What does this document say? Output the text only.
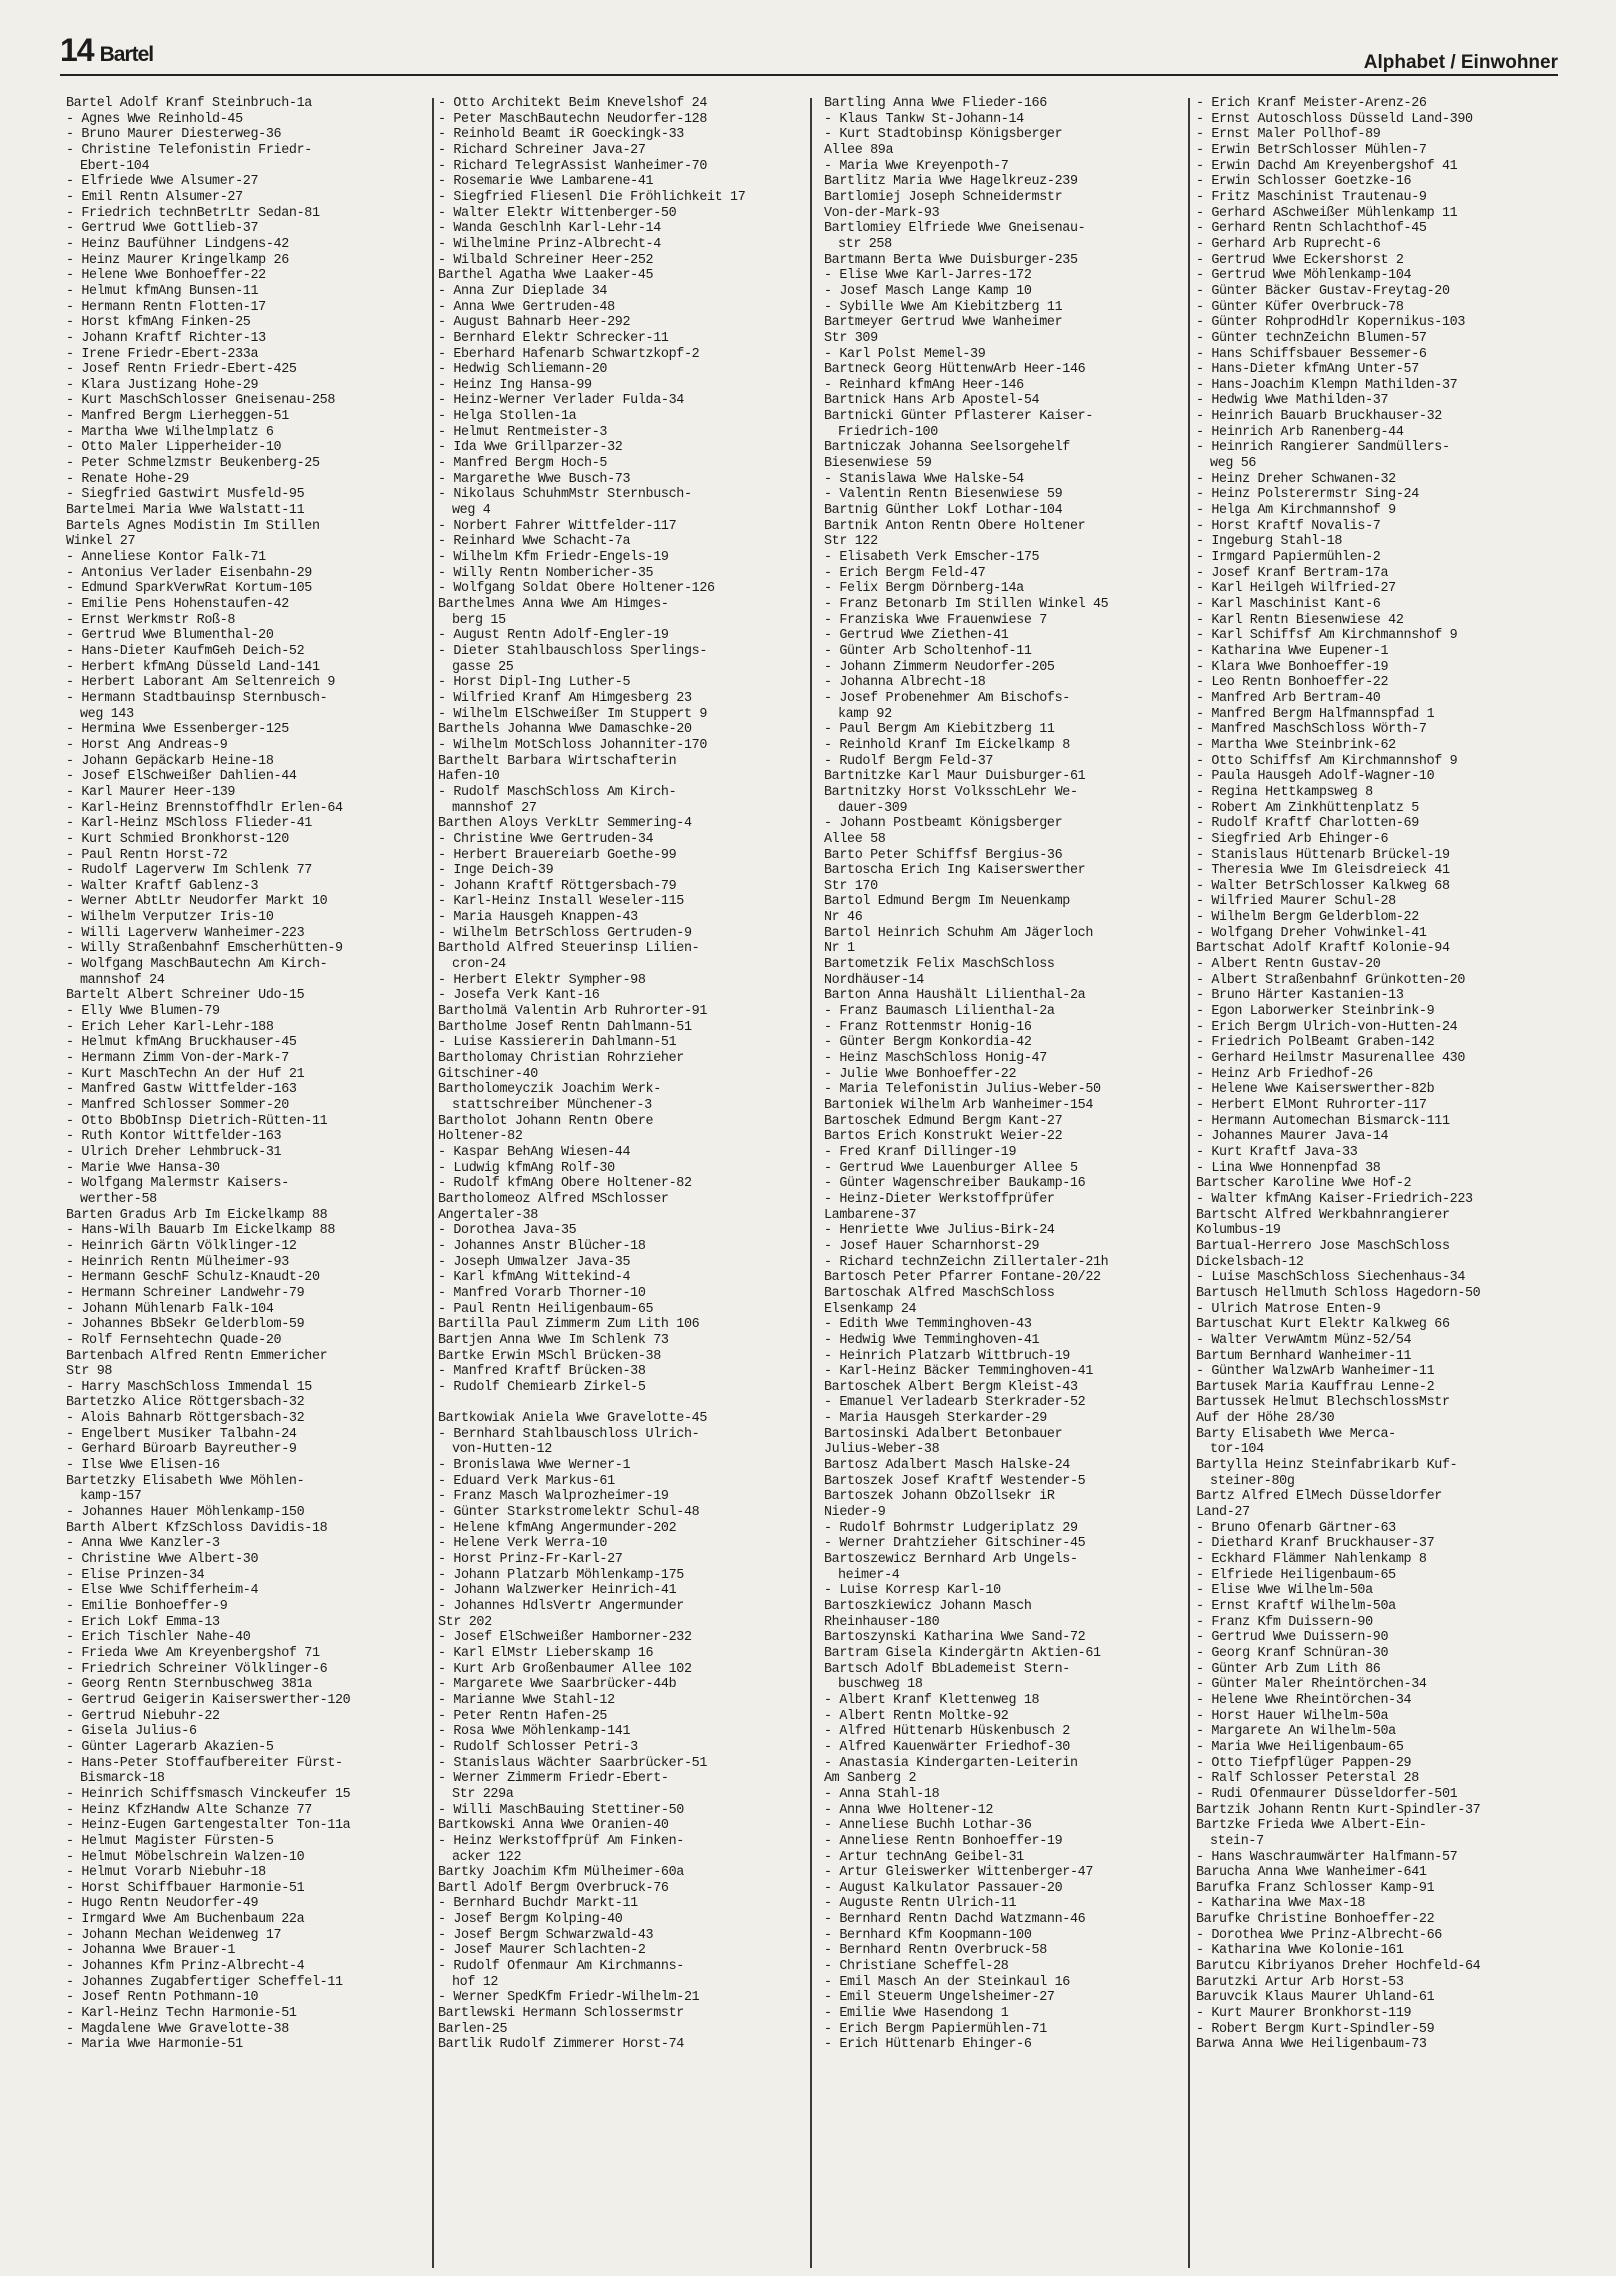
14 Bartel	Alphabet / Einwohner
Bartel Adolf Kranf Steinbruch-1a
- Agnes Wwe Reinhold-45
- Bruno Maurer Diesterweg-36
- Christine Telefonistin Friedr-
Ebert-104
- Elfriede Wwe Alsumer-27
- Emil Rentn Alsumer-27
- Friedrich technBetrLtr Sedan-81
- Gertrud Wwe Gottlieb-37
- Heinz Baufühner Lindgens-42
- Heinz Maurer Kringelkamp 26
- Helene Wwe Bonhoeffer-22
- Helmut kfmAng Bunsen-11
- Hermann Rentn Flotten-17
- Horst kfmAng Finken-25
- Johann Kraftf Richter-13
- Irene Friedr-Ebert-233a
- Josef Rentn Friedr-Ebert-425
- Klara Justizang Hohe-29
- Kurt MaschSchlosser Gneisenau-258
- Manfred Bergm Lierheggen-51
- Martha Wwe Wilhelmplatz 6
- Otto Maler Lipperheider-10
- Peter Schmelzmstr Beukenberg-25
- Renate Hohe-29
- Siegfried Gastwirt Musfeld-95
Bartelmei Maria Wwe Walstatt-11
Bartels Agnes Modistin Im Stillen
Winkel 27
- Anneliese Kontor Falk-71
- Antonius Verlader Eisenbahn-29
- Edmund SparkVerwRat Kortum-105
- Emilie Pens Hohenstaufen-42
- Ernst Werkmstr Roß-8
- Gertrud Wwe Blumenthal-20
- Hans-Dieter KaufmGeh Deich-52
- Herbert kfmAng Düsseld Land-141
- Herbert Laborant Am Seltenreich 9
- Hermann Stadtbauinsp Sternbusch-
weg 143
- Hermina Wwe Essenberger-125
- Horst Ang Andreas-9
- Johann Gepäckarb Heine-18
- Josef ElSchweißer Dahlien-44
- Karl Maurer Heer-139
- Karl-Heinz Brennstoffhdlr Erlen-64
- Karl-Heinz MSchloss Flieder-41
- Kurt Schmied Bronkhorst-120
- Paul Rentn Horst-72
- Rudolf Lagerverw Im Schlenk 77
- Walter Kraftf Gablenz-3
- Werner AbtLtr Neudorfer Markt 10
- Wilhelm Verputzer Iris-10
- Willi Lagerverw Wanheimer-223
- Willy Straßenbahnf Emscherhütten-9
- Wolfgang MaschBautechn Am Kirch-
mannshof 24
Bartelt Albert Schreiner Udo-15
- Elly Wwe Blumen-79
- Erich Leher Karl-Lehr-188
- Helmut kfmAng Bruckhauser-45
- Hermann Zimm Von-der-Mark-7
- Kurt MaschTechn An der Huf 21
- Manfred Gastw Wittfelder-163
- Manfred Schlosser Sommer-20
- Otto BbObInsp Dietrich-Rütten-11
- Ruth Kontor Wittfelder-163
- Ulrich Dreher Lehmbruck-31
- Marie Wwe Hansa-30
- Wolfgang Malermstr Kaisers-
werther-58
Barten Gradus Arb Im Eickelkamp 88
- Hans-Wilh Bauarb Im Eickelkamp 88
- Heinrich Gärtn Völklinger-12
- Heinrich Rentn Mülheimer-93
- Hermann GeschF Schulz-Knaudt-20
- Hermann Schreiner Landwehr-79
- Johann Mühlenarb Falk-104
- Johannes BbSekr Gelderblom-59
- Rolf Fernsehtechn Quade-20
Bartenbach Alfred Rentn Emmericher
Str 98
- Harry MaschSchloss Immendal 15
Bartetzko Alice Röttgersbach-32
- Alois Bahnarb Röttgersbach-32
- Engelbert Musiker Talbahn-24
- Gerhard Büroarb Bayreuther-9
- Ilse Wwe Elisen-16
Bartetzky Elisabeth Wwe Möhlen-
kamp-157
- Johannes Hauer Möhlenkamp-150
Barth Albert KfzSchloss Davidis-18
- Anna Wwe Kanzler-3
- Christine Wwe Albert-30
- Elise Prinzen-34
- Else Wwe Schifferheim-4
- Emilie Bonhoeffer-9
- Erich Lokf Emma-13
- Erich Tischler Nahe-40
- Frieda Wwe Am Kreyenbergshof 71
- Friedrich Schreiner Völklinger-6
- Georg Rentn Sternbuschweg 381a
- Gertrud Geigerin Kaiserswerther-120
- Gertrud Niebuhr-22
- Gisela Julius-6
- Günter Lagerarb Akazien-5
- Hans-Peter Stoffaufbereiter Fürst-
Bismarck-18
- Heinrich Schiffsmasch Vinckeufer 15
- Heinz KfzHandw Alte Schanze 77
- Heinz-Eugen Gartengestalter Ton-11a
- Helmut Magister Fürsten-5
- Helmut Möbelschrein Walzen-10
- Helmut Vorarb Niebuhr-18
- Horst Schiffbauer Harmonie-51
- Hugo Rentn Neudorfer-49
- Irmgard Wwe Am Buchenbaum 22a
- Johann Mechan Weidenweg 17
- Johanna Wwe Brauer-1
- Johannes Kfm Prinz-Albrecht-4
- Johannes Zugabfertiger Scheffel-11
- Josef Rentn Pothmann-10
- Karl-Heinz Techn Harmonie-51
- Magdalene Wwe Gravelotte-38
- Maria Wwe Harmonie-51
- Otto Architekt Beim Knevelshof 24
- Peter MaschBautechn Neudorfer-128
- Reinhold Beamt iR Goeckingk-33
- Richard Schreiner Java-27
- Richard TelegrAssist Wanheimer-70
- Rosemarie Wwe Lambarene-41
- Siegfried Fliesenl Die Fröhlichkeit 17
- Walter Elektr Wittenberger-50
- Wanda Geschlnh Karl-Lehr-14
- Wilhelmine Prinz-Albrecht-4
- Wilbald Schreiner Heer-252
Barthel Agatha Wwe Laaker-45
- Anna Zur Dieplade 34
- Anna Wwe Gertruden-48
- August Bahnarb Heer-292
- Bernhard Elektr Schrecker-11
- Eberhard Hafenarb Schwartzkopf-2
- Hedwig Schliemann-20
- Heinz Ing Hansa-99
- Heinz-Werner Verlader Fulda-34
- Helga Stollen-1a
- Helmut Rentmeister-3
- Ida Wwe Grillparzer-32
- Manfred Bergm Hoch-5
- Margarethe Wwe Busch-73
- Nikolaus SchuhmMstr Sternbusch-
weg 4
- Norbert Fahrer Wittfelder-117
- Reinhard Wwe Schacht-7a
- Wilhelm Kfm Friedr-Engels-19
- Willy Rentn Nombericher-35
- Wolfgang Soldat Obere Holtener-126
Barthelmes Anna Wwe Am Himges-
berg 15
- August Rentn Adolf-Engler-19
- Dieter Stahlbauschloss Sperlings-
gasse 25
- Horst Dipl-Ing Luther-5
- Wilfried Kranf Am Himgesberg 23
- Wilhelm ElSchweißer Im Stuppert 9
Barthels Johanna Wwe Damaschke-20
- Wilhelm MotSchloss Johanniter-170
Barthelt Barbara Wirtschafterin
Hafen-10
- Rudolf MaschSchloss Am Kirch-
mannshof 27
Barthen Aloys VerkLtr Semmering-4
- Christine Wwe Gertruden-34
- Herbert Brauereiarb Goethe-99
- Inge Deich-39
- Johann Kraftf Röttgersbach-79
- Karl-Heinz Install Weseler-115
- Maria Hausgeh Knappen-43
- Wilhelm BetrSchloss Gertruden-9
Barthold Alfred Steuerinsp Lilien-
cron-24
- Herbert Elektr Sympher-98
- Josefa Verk Kant-16
Bartholmä Valentin Arb Ruhrorter-91
Bartholme Josef Rentn Dahlmann-51
- Luise Kassiererin Dahlmann-51
Bartholomay Christian Rohrzieher
Gitschiner-40
Bartholomeyczik Joachim Werk-
stattschreiber Münchener-3
Bartholot Johann Rentn Obere
Holtener-82
- Kaspar BehAng Wiesen-44
- Ludwig kfmAng Rolf-30
- Rudolf kfmAng Obere Holtener-82
Bartholomeoz Alfred MSchlosser
Angertaler-38
- Dorothea Java-35
- Johannes Anstr Blücher-18
- Joseph Umwalzer Java-35
- Karl kfmAng Wittekind-4
- Manfred Vorarb Thorner-10
- Paul Rentn Heiligenbaum-65
Bartilla Paul Zimmerm Zum Lith 106
Bartjen Anna Wwe Im Schlenk 73
Bartke Erwin MSchl Brücken-38
- Manfred Kraftf Brücken-38
- Rudolf Chemiearb Zirkel-5

Bartkowiak Aniela Wwe Gravelotte-45
- Bernhard Stahlbauschloss Ulrich-
von-Hutten-12
- Bronislawa Wwe Werner-1
- Eduard Verk Markus-61
- Franz Masch Walprozheimer-19
- Günter Starkstromelektr Schul-48
- Helene kfmAng Angermunder-202
- Helene Verk Werra-10
- Horst Prinz-Fr-Karl-27
- Johann Platzarb Möhlenkamp-175
- Johann Walzwerker Heinrich-41
- Johannes HdlsVertr Angermunder
Str 202
- Josef ElSchweißer Hamborner-232
- Karl ElMstr Lieberskamp 16
- Kurt Arb Großenbaumer Allee 102
- Margarete Wwe Saarbrücker-44b
- Marianne Wwe Stahl-12
- Peter Rentn Hafen-25
- Rosa Wwe Möhlenkamp-141
- Rudolf Schlosser Petri-3
- Stanislaus Wächter Saarbrücker-51
- Werner Zimmerm Friedr-Ebert-
Str 229a
- Willi MaschBauing Stettiner-50
Bartkowski Anna Wwe Oranien-40
- Heinz Werkstoffprüf Am Finken-
acker 122
Bartky Joachim Kfm Mülheimer-60a
Bartl Adolf Bergm Overbruck-76
- Bernhard Buchdr Markt-11
- Josef Bergm Kolping-40
- Josef Bergm Schwarzwald-43
- Josef Maurer Schlachten-2
- Rudolf Ofenmaur Am Kirchmanns-
hof 12
- Werner SpedKfm Friedr-Wilhelm-21
Bartlewski Hermann Schlossermstr
Barlen-25
Bartlik Rudolf Zimmerer Horst-74
Bartling Anna Wwe Flieder-166
- Klaus Tankw St-Johann-14
- Kurt Stadtobinsp Königsberger
Allee 89a
- Maria Wwe Kreyenpoth-7
Bartlitz Maria Wwe Hagelkreuz-239
Bartlomiej Joseph Schneidermstr
Von-der-Mark-93
Bartlomiey Elfriede Wwe Gneisenau-
str 258
Bartmann Berta Wwe Duisburger-235
- Elise Wwe Karl-Jarres-172
- Josef Masch Lange Kamp 10
- Sybille Wwe Am Kiebitzberg 11
Bartmeyer Gertrud Wwe Wanheimer
Str 309
- Karl Polst Memel-39
Bartneck Georg HüttenwArb Heer-146
- Reinhard kfmAng Heer-146
Bartnick Hans Arb Apostel-54
Bartnicki Günter Pflasterer Kaiser-
Friedrich-100
Bartniczak Johanna Seelsorgehelf
Biesenwiese 59
- Stanislawa Wwe Halske-54
- Valentin Rentn Biesenwiese 59
Bartnig Günther Lokf Lothar-104
Bartnik Anton Rentn Obere Holtener
Str 122
- Elisabeth Verk Emscher-175
- Erich Bergm Feld-47
- Felix Bergm Dörnberg-14a
- Franz Betonarb Im Stillen Winkel 45
- Franziska Wwe Frauenwiese 7
- Gertrud Wwe Ziethen-41
- Günter Arb Scholtenhof-11
- Johann Zimmerm Neudorfer-205
- Johanna Albrecht-18
- Josef Probenehmer Am Bischofs-
kamp 92
- Paul Bergm Am Kiebitzberg 11
- Reinhold Kranf Im Eickelkamp 8
- Rudolf Bergm Feld-37
Bartnitzke Karl Maur Duisburger-61
Bartnitzky Horst VolksschLehr We-
dauer-309
- Johann Postbeamt Königsberger
Allee 58
Barto Peter Schiffsf Bergius-36
Bartoscha Erich Ing Kaiserswerther
Str 170
Bartol Edmund Bergm Im Neuenkamp
Nr 46
Bartol Heinrich Schuhm Am Jägerloch
Nr 1
Bartometzik Felix MaschSchloss
Nordhäuser-14
Barton Anna Haushält Lilienthal-2a
- Franz Baumasch Lilienthal-2a
- Franz Rottenmstr Honig-16
- Günter Bergm Konkordia-42
- Heinz MaschSchloss Honig-47
- Julie Wwe Bonhoeffer-22
- Maria Telefonistin Julius-Weber-50
Bartoniek Wilhelm Arb Wanheimer-154
Bartoschek Edmund Bergm Kant-27
Bartos Erich Konstrukt Weier-22
- Fred Kranf Dillinger-19
- Gertrud Wwe Lauenburger Allee 5
- Günter Wagenschreiber Baukamp-16
- Heinz-Dieter Werkstoffprüfer
Lambarene-37
- Henriette Wwe Julius-Birk-24
- Josef Hauer Scharnhorst-29
- Richard technZeichn Zillertaler-21h
Bartosch Peter Pfarrer Fontane-20/22
Bartoschak Alfred MaschSchloss
Elsenkamp 24
- Edith Wwe Temminghoven-43
- Hedwig Wwe Temminghoven-41
- Heinrich Platzarb Wittbruch-19
- Karl-Heinz Bäcker Temminghoven-41
Bartoschek Albert Bergm Kleist-43
- Emanuel Verladearb Sterkrader-52
- Maria Hausgeh Sterkarder-29
Bartosinski Adalbert Betonbauer
Julius-Weber-38
Bartosz Adalbert Masch Halske-24
Bartoszek Josef Kraftf Westender-5
Bartoszek Johann ObZollsekr iR
Nieder-9
- Rudolf Bohrmstr Ludgeriplatz 29
- Werner Drahtzieher Gitschiner-45
Bartoszewicz Bernhard Arb Ungels-
heimer-4
- Luise Korresp Karl-10
Bartoszkiewicz Johann Masch
Rheinhauser-180
Bartoszynski Katharina Wwe Sand-72
Bartram Gisela Kindergärtn Aktien-61
Bartsch Adolf BbLademeist Stern-
buschweg 18
- Albert Kranf Klettenweg 18
- Albert Rentn Moltke-92
- Alfred Hüttenarb Hüskenbusch 2
- Alfred Kauenwärter Friedhof-30
- Anastasia Kindergarten-Leiterin
Am Sanberg 2
- Anna Stahl-18
- Anna Wwe Holtener-12
- Anneliese Buchh Lothar-36
- Anneliese Rentn Bonhoeffer-19
- Artur technAng Geibel-31
- Artur Gleiswerker Wittenberger-47
- August Kalkulator Passauer-20
- Auguste Rentn Ulrich-11
- Bernhard Rentn Dachd Watzmann-46
- Bernhard Kfm Koopmann-100
- Bernhard Rentn Overbruck-58
- Christiane Scheffel-28
- Emil Masch An der Steinkaul 16
- Emil Steuerm Ungelsheimer-27
- Emilie Wwe Hasendong 1
- Erich Bergm Papiermühlen-71
- Erich Hüttenarb Ehinger-6
- Erich Kranf Meister-Arenz-26
- Ernst Autoschloss Düsseld Land-390
- Ernst Maler Pollhof-89
- Erwin BetrSchlosser Mühlen-7
- Erwin Dachd Am Kreyenbergshof 41
- Erwin Schlosser Goetzke-16
- Fritz Maschinist Trautenau-9
- Gerhard ASchweißer Mühlenkamp 11
- Gerhard Rentn Schlachthof-45
- Gerhard Arb Ruprecht-6
- Gertrud Wwe Eckershorst 2
- Gertrud Wwe Möhlenkamp-104
- Günter Bäcker Gustav-Freytag-20
- Günter Küfer Overbruck-78
- Günter RohprodHdlr Kopernikus-103
- Günter technZeichn Blumen-57
- Hans Schiffsbauer Bessemer-6
- Hans-Dieter kfmAng Unter-57
- Hans-Joachim Klempn Mathilden-37
- Hedwig Wwe Mathilden-37
- Heinrich Bauarb Bruckhauser-32
- Heinrich Arb Ranenberg-44
- Heinrich Rangierer Sandmüllers-
weg 56
- Heinz Dreher Schwanen-32
- Heinz Polsterermstr Sing-24
- Helga Am Kirchmannshof 9
- Horst Kraftf Novalis-7
- Ingeburg Stahl-18
- Irmgard Papiermühlen-2
- Josef Kranf Bertram-17a
- Karl Heilgeh Wilfried-27
- Karl Maschinist Kant-6
- Karl Rentn Biesenwiese 42
- Karl Schiffsf Am Kirchmannshof 9
- Katharina Wwe Eupener-1
- Klara Wwe Bonhoeffer-19
- Leo Rentn Bonhoeffer-22
- Manfred Arb Bertram-40
- Manfred Bergm Halfmannspfad 1
- Manfred MaschSchloss Wörth-7
- Martha Wwe Steinbrink-62
- Otto Schiffsf Am Kirchmannshof 9
- Paula Hausgeh Adolf-Wagner-10
- Regina Hettkampsweg 8
- Robert Am Zinkhüttenplatz 5
- Rudolf Kraftf Charlotten-69
- Siegfried Arb Ehinger-6
- Stanislaus Hüttenarb Brückel-19
- Theresia Wwe Im Gleisdreieck 41
- Walter BetrSchlosser Kalkweg 68
- Wilfried Maurer Schul-28
- Wilhelm Bergm Gelderblom-22
- Wolfgang Dreher Vohwinkel-41
Bartschat Adolf Kraftf Kolonie-94
- Albert Rentn Gustav-20
- Albert Straßenbahnf Grünkotten-20
- Bruno Härter Kastanien-13
- Egon Laborwerker Steinbrink-9
- Erich Bergm Ulrich-von-Hutten-24
- Friedrich PolBeamt Graben-142
- Gerhard Heilmstr Masurenallee 430
- Heinz Arb Friedhof-26
- Helene Wwe Kaiserswerther-82b
- Herbert ElMont Ruhrorter-117
- Hermann Automechan Bismarck-111
- Johannes Maurer Java-14
- Kurt Kraftf Java-33
- Lina Wwe Honnenpfad 38
Bartscher Karoline Wwe Hof-2
- Walter kfmAng Kaiser-Friedrich-223
Bartscht Alfred Werkbahnrangierer
Kolumbus-19
Bartual-Herrero Jose MaschSchloss
Dickelsbach-12
- Luise MaschSchloss Siechenhaus-34
Bartusch Hellmuth Schloss Hagedorn-50
- Ulrich Matrose Enten-9
Bartuschat Kurt Elektr Kalkweg 66
- Walter VerwAmtm Münz-52/54
Bartum Bernhard Wanheimer-11
- Günther WalzwArb Wanheimer-11
Bartusek Maria Kauffrau Lenne-2
Bartussek Helmut BlechschlossMstr
Auf der Höhe 28/30
Barty Elisabeth Wwe Merca-
tor-104
Bartylla Heinz Steinfabrikarb Kuf-
steiner-80g
Bartz Alfred ElMech Düsseldorfer
Land-27
- Bruno Ofenarb Gärtner-63
- Diethard Kranf Bruckhauser-37
- Eckhard Flämmer Nahlenkamp 8
- Elfriede Heiligenbaum-65
- Elise Wwe Wilhelm-50a
- Ernst Kraftf Wilhelm-50a
- Franz Kfm Duissern-90
- Gertrud Wwe Duissern-90
- Georg Kranf Schnüran-30
- Günter Arb Zum Lith 86
- Günter Maler Rheintörchen-34
- Helene Wwe Rheintörchen-34
- Horst Hauer Wilhelm-50a
- Margarete An Wilhelm-50a
- Maria Wwe Heiligenbaum-65
- Otto Tiefpflüger Pappen-29
- Ralf Schlosser Peterstal 28
- Rudi Ofenmaurer Düsseldorfer-501
Bartzik Johann Rentn Kurt-Spindler-37
Bartzke Frieda Wwe Albert-Ein-
stein-7
- Hans Waschraumwärter Halfmann-57
Barucha Anna Wwe Wanheimer-641
Barufka Franz Schlosser Kamp-91
- Katharina Wwe Max-18
Barufke Christine Bonhoeffer-22
- Dorothea Wwe Prinz-Albrecht-66
- Katharina Wwe Kolonie-161
Barutcu Kibriyanos Dreher Hochfeld-64
Barutzki Artur Arb Horst-53
Baruvcik Klaus Maurer Uhland-61
- Kurt Maurer Bronkhorst-119
- Robert Bergm Kurt-Spindler-59
Barwa Anna Wwe Heiligenbaum-73
